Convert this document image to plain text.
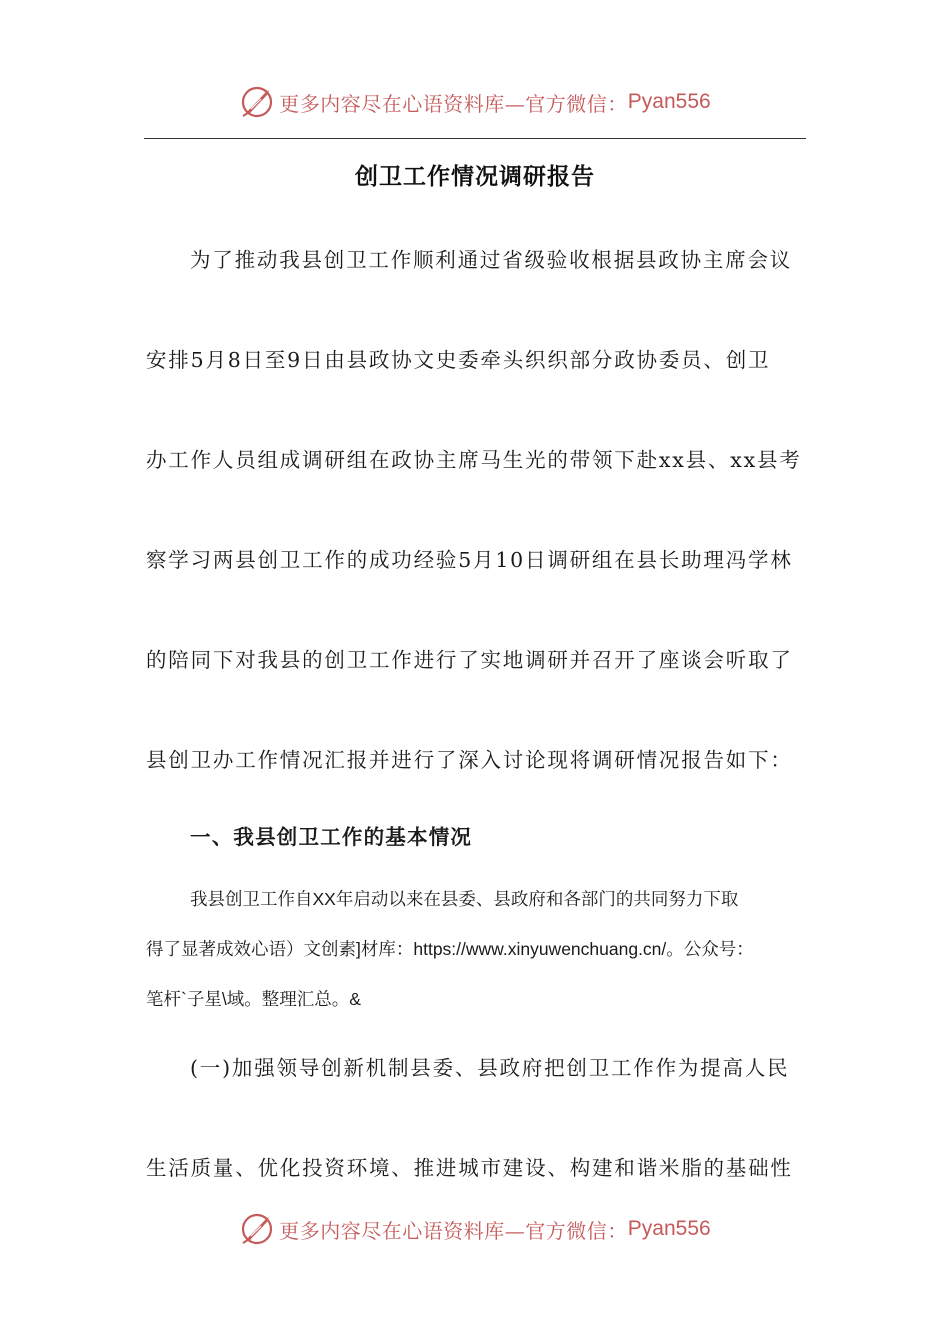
更多内容尽在心语资料库—官方微信： Pyan556
创卫工作情况调研报告
为了推动我县创卫工作顺利通过省级验收根据县政协主席会议
安排5月8日至9日由县政协文史委牵头织织部分政协委员、创卫
办工作人员组成调研组在政协主席马生光的带领下赴xx县、xx县考
察学习两县创卫工作的成功经验5月10日调研组在县长助理冯学林
的陪同下对我县的创卫工作进行了实地调研并召开了座谈会听取了
县创卫办工作情况汇报并进行了深入讨论现将调研情况报告如下：
一、我县创卫工作的基本情况
我县创卫工作自XX年启动以来在县委、县政府和各部门的共同努力下取
得了显著成效心语）文创素]材库：https://www.xinyuwenchuang.cn/。公众号：
笔杆`子星\域。整理汇总。&
(一)加强领导创新机制县委、县政府把创卫工作作为提高人民
生活质量、优化投资环境、推进城市建设、构建和谐米脂的基础性
更多内容尽在心语资料库—官方微信： Pyan556
